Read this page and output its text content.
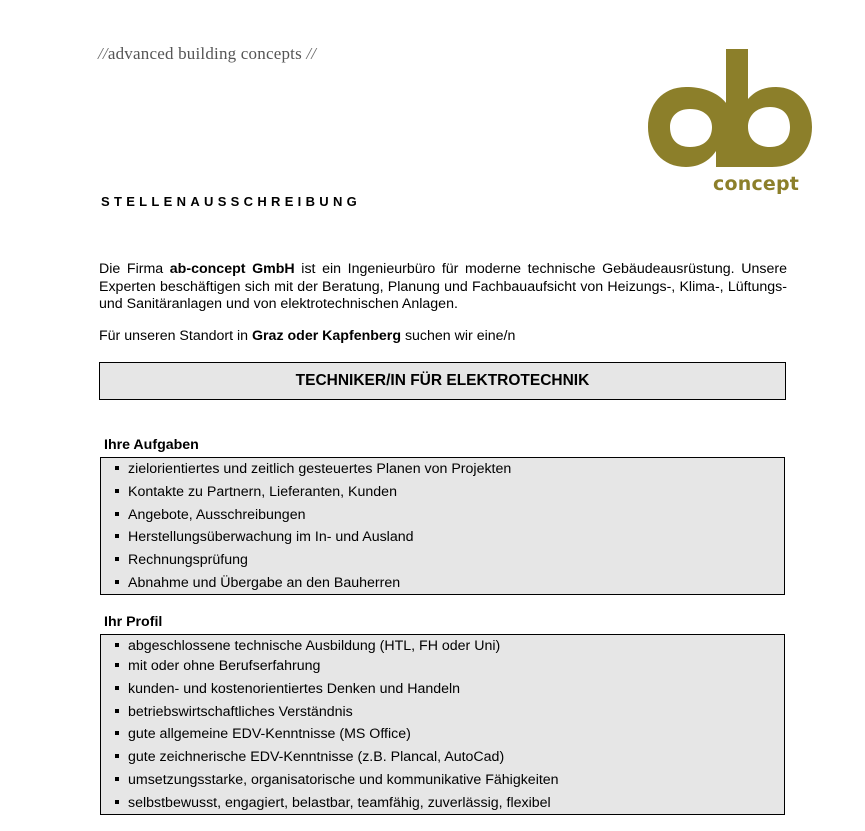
//advanced building concepts //
concept
STELLENAUSSCHREIBUNG
Die Firma ab-concept GmbH ist ein Ingenieurbüro für moderne technische Gebäudeausrüstung. Unsere Experten beschäftigen sich mit der Beratung, Planung und Fachbauaufsicht von Heizungs-, Klima-, Lüftungs- und Sanitäranlagen und von elektrotechnischen Anlagen.
Für unseren Standort in Graz oder Kapfenberg suchen wir eine/n
TECHNIKER/IN FÜR ELEKTROTECHNIK
Ihre Aufgaben
zielorientiertes und zeitlich gesteuertes Planen von Projekten
Kontakte zu Partnern, Lieferanten, Kunden
Angebote, Ausschreibungen
Herstellungsüberwachung im In- und Ausland
Rechnungsprüfung
Abnahme und Übergabe an den Bauherren
Ihr Profil
abgeschlossene technische Ausbildung (HTL, FH oder Uni)
mit oder ohne Berufserfahrung
kunden- und kostenorientiertes Denken und Handeln
betriebswirtschaftliches Verständnis
gute allgemeine EDV-Kenntnisse (MS Office)
gute zeichnerische EDV-Kenntnisse (z.B. Plancal, AutoCad)
umsetzungsstarke, organisatorische und kommunikative Fähigkeiten
selbstbewusst, engagiert, belastbar, teamfähig, zuverlässig, flexibel
